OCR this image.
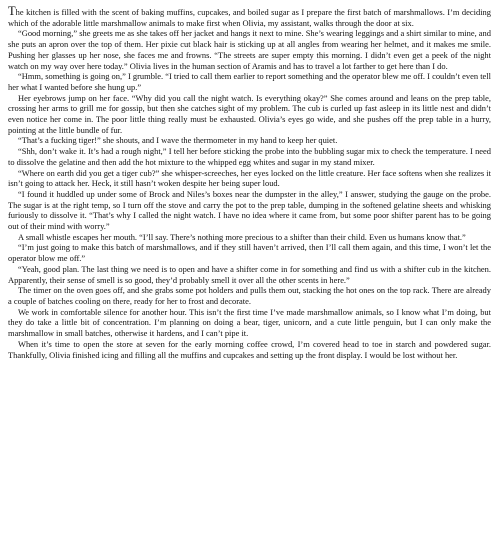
The kitchen is filled with the scent of baking muffins, cupcakes, and boiled sugar as I prepare the first batch of marshmallows. I’m deciding which of the adorable little marshmallow animals to make first when Olivia, my assistant, walks through the door at six.

“Good morning,” she greets me as she takes off her jacket and hangs it next to mine. She’s wearing leggings and a shirt similar to mine, and she puts an apron over the top of them. Her pixie cut black hair is sticking up at all angles from wearing her helmet, and it makes me smile. Pushing her glasses up her nose, she faces me and frowns. “The streets are super empty this morning. I didn’t even get a peek of the night watch on my way over here today.” Olivia lives in the human section of Aramis and has to travel a lot farther to get here than I do.

“Hmm, something is going on,” I grumble. “I tried to call them earlier to report something and the operator blew me off. I couldn’t even tell her what I wanted before she hung up.”

Her eyebrows jump on her face. “Why did you call the night watch. Is everything okay?” She comes around and leans on the prep table, crossing her arms to grill me for gossip, but then she catches sight of my problem. The cub is curled up fast asleep in its little nest and didn’t even notice her come in. The poor little thing really must be exhausted. Olivia’s eyes go wide, and she pushes off the prep table in a hurry, pointing at the little bundle of fur.

“That’s a fucking tiger!” she shouts, and I wave the thermometer in my hand to keep her quiet.

“Shh, don’t wake it. It’s had a rough night,” I tell her before sticking the probe into the bubbling sugar mix to check the temperature. I need to dissolve the gelatine and then add the hot mixture to the whipped egg whites and sugar in my stand mixer.

“Where on earth did you get a tiger cub?” she whisper-screeches, her eyes locked on the little creature. Her face softens when she realizes it isn’t going to attack her. Heck, it still hasn’t woken despite her being super loud.

“I found it huddled up under some of Brock and Niles’s boxes near the dumpster in the alley,” I answer, studying the gauge on the probe. The sugar is at the right temp, so I turn off the stove and carry the pot to the prep table, dumping in the softened gelatine sheets and whisking furiously to dissolve it. “That’s why I called the night watch. I have no idea where it came from, but some poor shifter parent has to be going out of their mind with worry.”

A small whistle escapes her mouth. “I’ll say. There’s nothing more precious to a shifter than their child. Even us humans know that.”

“I’m just going to make this batch of marshmallows, and if they still haven’t arrived, then I’ll call them again, and this time, I won’t let the operator blow me off.”

“Yeah, good plan. The last thing we need is to open and have a shifter come in for something and find us with a shifter cub in the kitchen. Apparently, their sense of smell is so good, they’d probably smell it over all the other scents in here.”

The timer on the oven goes off, and she grabs some pot holders and pulls them out, stacking the hot ones on the top rack. There are already a couple of batches cooling on there, ready for her to frost and decorate.

We work in comfortable silence for another hour. This isn’t the first time I’ve made marshmallow animals, so I know what I’m doing, but they do take a little bit of concentration. I’m planning on doing a bear, tiger, unicorn, and a cute little penguin, but I can only make the marshmallow in small batches, otherwise it hardens, and I can’t pipe it.

When it’s time to open the store at seven for the early morning coffee crowd, I’m covered head to toe in starch and powdered sugar. Thankfully, Olivia finished icing and filling all the muffins and cupcakes and setting up the front display. I would be lost without her.
